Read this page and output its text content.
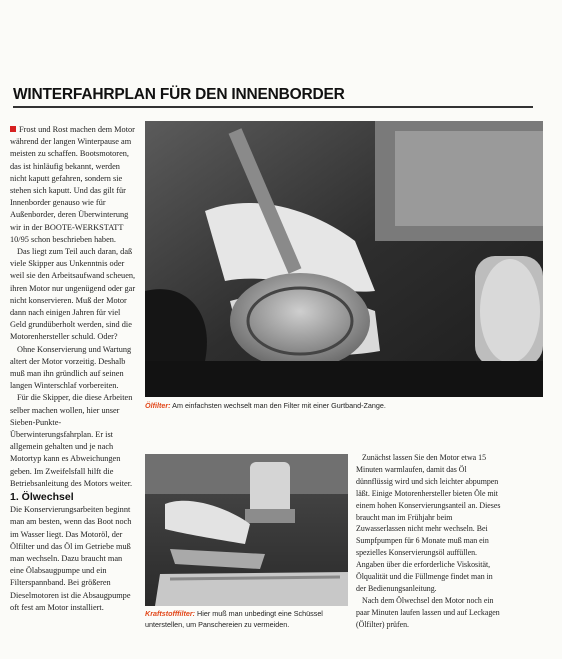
WINTERFAHRPLAN FÜR DEN INNENBORDER

Frost und Rost machen dem Motor während der langen Winterpause am meisten zu schaffen. Bootsmotoren, das ist hinläufig bekannt, werden nicht kaputt gefahren, sondern sie stehen sich kaputt. Und das gilt für Innenborder genauso wie für Außenborder, deren Überwinterung wir in der BOOTE-WERKSTATT 10/95 schon beschrieben haben.

Das liegt zum Teil auch daran, daß viele Skipper aus Unkenntnis oder weil sie den Arbeitsaufwand scheuen, ihren Motor nur ungenügend oder gar nicht konservieren. Muß der Motor dann nach einigen Jahren für viel Geld grundüberholt werden, sind die Motorenhersteller schuld. Oder?

Ohne Konservierung und Wartung altert der Motor vorzeitig. Deshalb muß man ihn gründlich auf seinen langen Winterschlaf vorbereiten.

Für die Skipper, die diese Arbeiten selber machen wollen, hier unser Sieben-Punkte-Überwinterungsfahrplan. Er ist allgemein gehalten und je nach Motortyp kann es Abweichungen geben. Im Zweifelsfall hilft die Betriebsanleitung des Motors weiter.

1. Ölwechsel

Die Konservierungsarbeiten beginnt man am besten, wenn das Boot noch im Wasser liegt. Das Motoröl, der Ölfilter und das Öl im Getriebe muß man wechseln. Dazu braucht man eine Ölabsaugpumpe und ein Filterspannband. Bei größeren Dieselmotoren ist die Absaugpumpe oft fest am Motor installiert.

Ölfilter: Am einfachsten wechselt man den Filter mit einer Gurtband-Zange.
Kraftstofffilter: Hier muß man unbedingt eine Schüssel unterstellen, um Panschereien zu vermeiden.

Zunächst lassen Sie den Motor etwa 15 Minuten warmlaufen, damit das Öl dünnflüssig wird und sich leichter abpumpen läßt. Einige Motorenhersteller bieten Öle mit einem hohen Konservierungsanteil an. Dieses braucht man im Frühjahr beim Zuwasserlassen nicht mehr wechseln. Bei Sumpfpumpen für 6 Monate muß man ein spezielles Konservierungsöl auffüllen. Angaben über die erforderliche Viskosität, Ölqualität und die Füllmenge findet man in der Bedienungsanleitung.

Nach dem Ölwechsel den Motor noch ein paar Minuten laufen lassen und auf Leckagen (Ölfilter) prüfen.
